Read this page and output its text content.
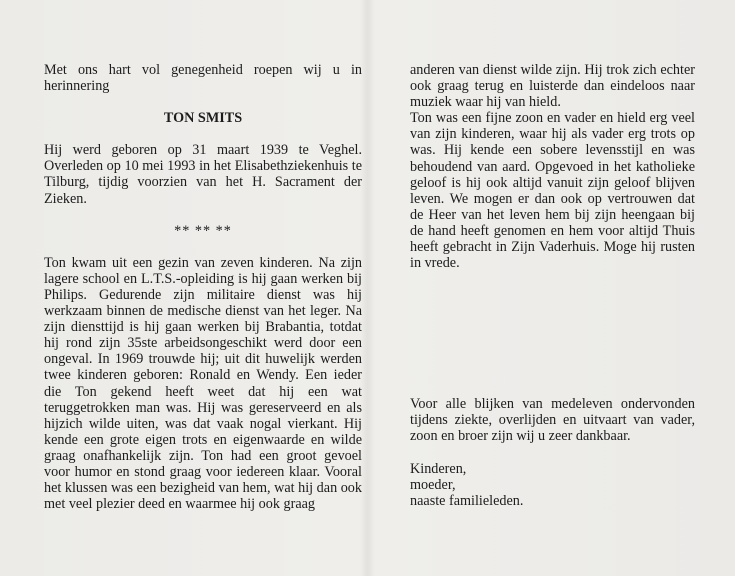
Met ons hart vol genegenheid roepen wij u in herinnering

TON SMITS

Hij werd geboren op 31 maart 1939 te Veghel. Overleden op 10 mei 1993 in het Elisabethziekenhuis te Tilburg, tijdig voorzien van het H. Sacrament der Zieken.

** ** **

Ton kwam uit een gezin van zeven kinderen. Na zijn lagere school en L.T.S.-opleiding is hij gaan werken bij Philips. Gedurende zijn militaire dienst was hij werkzaam binnen de medische dienst van het leger. Na zijn diensttijd is hij gaan werken bij Brabantia, totdat hij rond zijn 35ste arbeidsongeschikt werd door een ongeval. In 1969 trouwde hij; uit dit huwelijk werden twee kinderen geboren: Ronald en Wendy. Een ieder die Ton gekend heeft weet dat hij een wat teruggetrokken man was. Hij was gereserveerd en als hijzich wilde uiten, was dat vaak nogal vierkant. Hij kende een grote eigen trots en eigenwaarde en wilde graag onafhankelijk zijn. Ton had een groot gevoel voor humor en stond graag voor iedereen klaar. Vooral het klussen was een bezigheid van hem, wat hij dan ook met veel plezier deed en waarmee hij ook graag

anderen van dienst wilde zijn. Hij trok zich echter ook graag terug en luisterde dan eindeloos naar muziek waar hij van hield.

Ton was een fijne zoon en vader en hield erg veel van zijn kinderen, waar hij als vader erg trots op was. Hij kende een sobere levensstijl en was behoudend van aard. Opgevoed in het katholieke geloof is hij ook altijd vanuit zijn geloof blijven leven. We mogen er dan ook op vertrouwen dat de Heer van het leven hem bij zijn heengaan bij de hand heeft genomen en hem voor altijd Thuis heeft gebracht in Zijn Vaderhuis. Moge hij rusten in vrede.

Voor alle blijken van medeleven ondervonden tijdens ziekte, overlijden en uitvaart van vader, zoon en broer zijn wij u zeer dankbaar.

Kinderen,
moeder,
naaste familieleden.
